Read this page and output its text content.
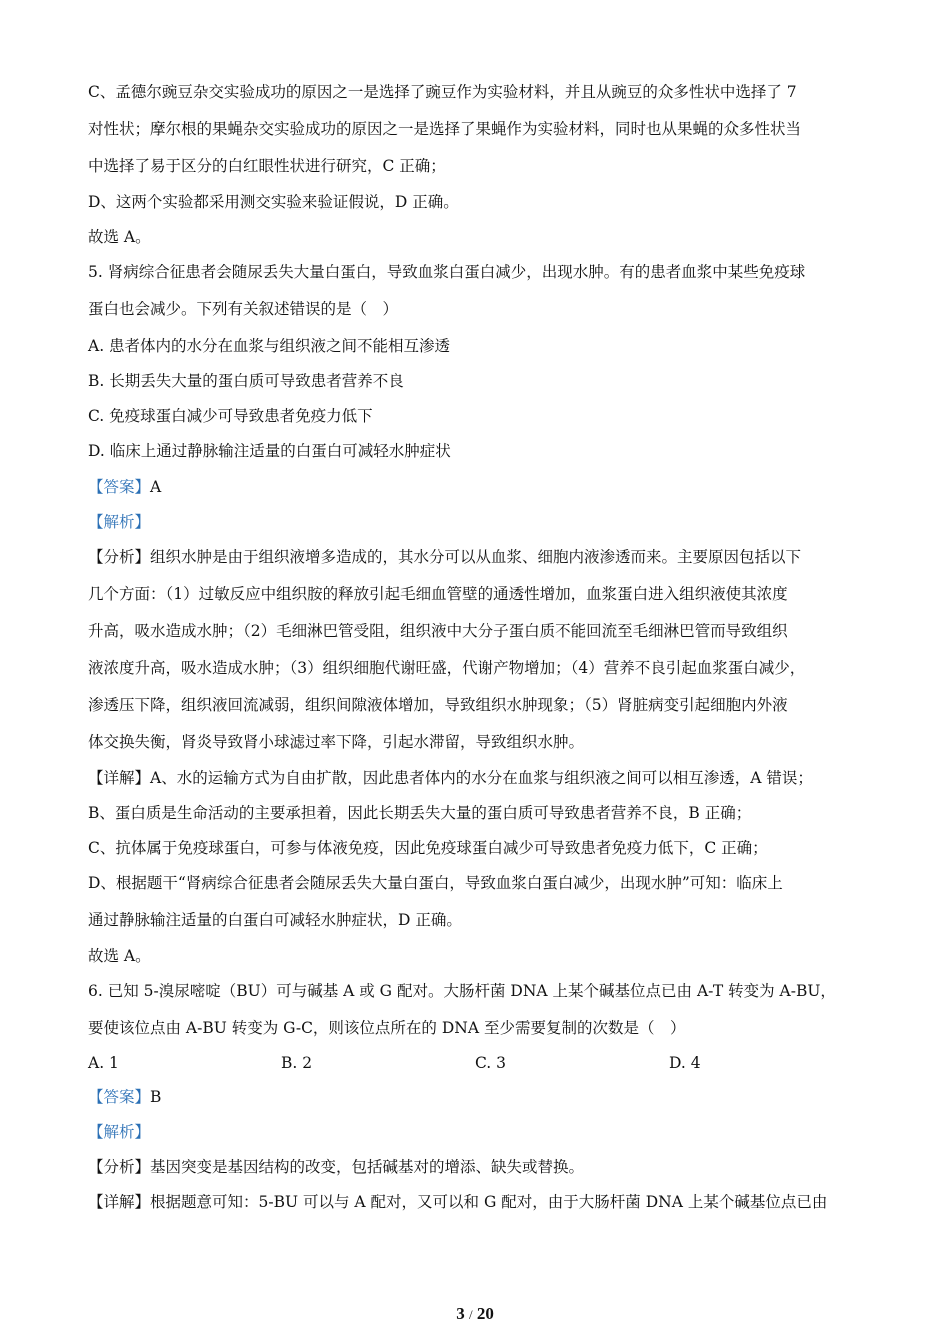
C、孟德尔豌豆杂交实验成功的原因之一是选择了豌豆作为实验材料，并且从豌豆的众多性状中选择了 7
对性状；摩尔根的果蝇杂交实验成功的原因之一是选择了果蝇作为实验材料，同时也从果蝇的众多性状当
中选择了易于区分的白红眼性状进行研究，C 正确；
D、这两个实验都采用测交实验来验证假说，D 正确。
故选 A。
5. 肾病综合征患者会随尿丢失大量白蛋白，导致血浆白蛋白减少，出现水肿。有的患者血浆中某些免疫球
蛋白也会减少。下列有关叙述错误的是（　）
A. 患者体内的水分在血浆与组织液之间不能相互渗透
B. 长期丢失大量的蛋白质可导致患者营养不良
C. 免疫球蛋白减少可导致患者免疫力低下
D. 临床上通过静脉输注适量的白蛋白可减轻水肿症状
【答案】A
【解析】
【分析】组织水肿是由于组织液增多造成的，其水分可以从血浆、细胞内液渗透而来。主要原因包括以下
几个方面：（1）过敏反应中组织胺的释放引起毛细血管壁的通透性增加，血浆蛋白进入组织液使其浓度
升高，吸水造成水肿；（2）毛细淋巴管受阻，组织液中大分子蛋白质不能回流至毛细淋巴管而导致组织
液浓度升高，吸水造成水肿；（3）组织细胞代谢旺盛，代谢产物增加；（4）营养不良引起血浆蛋白减少，
渗透压下降，组织液回流减弱，组织间隙液体增加，导致组织水肿现象；（5）肾脏病变引起细胞内外液
体交换失衡，肾炎导致肾小球滤过率下降，引起水滞留，导致组织水肿。
【详解】A、水的运输方式为自由扩散，因此患者体内的水分在血浆与组织液之间可以相互渗透，A 错误；
B、蛋白质是生命活动的主要承担着，因此长期丢失大量的蛋白质可导致患者营养不良，B 正确；
C、抗体属于免疫球蛋白，可参与体液免疫，因此免疫球蛋白减少可导致患者免疫力低下，C 正确；
D、根据题干“肾病综合征患者会随尿丢失大量白蛋白，导致血浆白蛋白减少，出现水肿”可知：临床上
通过静脉输注适量的白蛋白可减轻水肿症状，D 正确。
故选 A。
6. 已知 5-溴尿嘧啶（BU）可与碱基 A 或 G 配对。大肠杆菌 DNA 上某个碱基位点已由 A-T 转变为 A-BU，
要使该位点由 A-BU 转变为 G-C，则该位点所在的 DNA 至少需要复制的次数是（　）
A. 1	B. 2	C. 3	D. 4
【答案】B
【解析】
【分析】基因突变是基因结构的改变，包括碱基对的增添、缺失或替换。
【详解】根据题意可知：5-BU 可以与 A 配对，又可以和 G 配对，由于大肠杆菌 DNA 上某个碱基位点已由
3 / 20
